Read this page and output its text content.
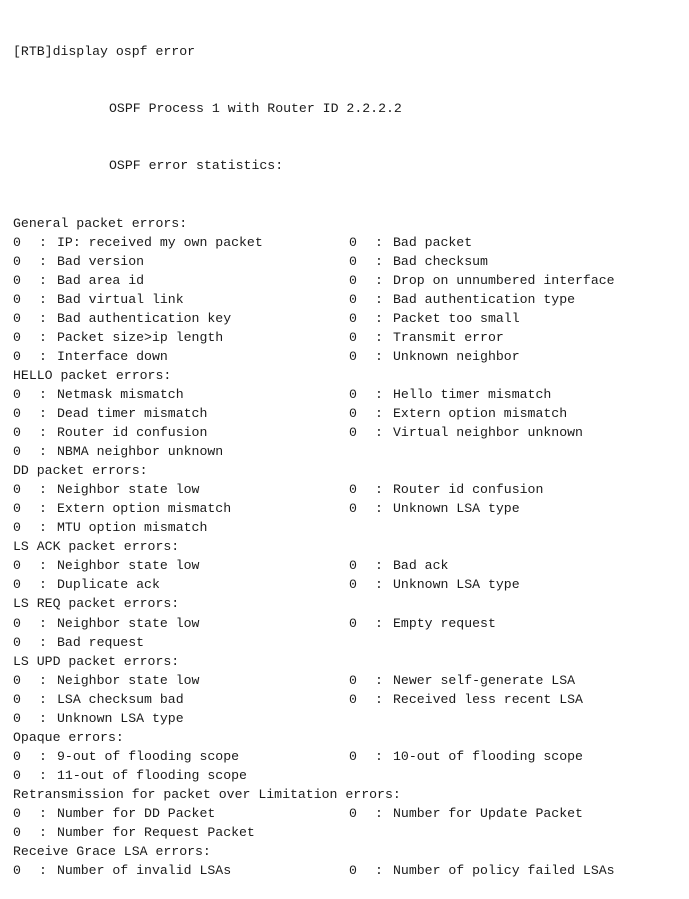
[RTB]display ospf error

OSPF Process 1 with Router ID 2.2.2.2

OSPF error statistics:

General packet errors:
0	: IP: received my own packet	0	: Bad packet
0	: Bad version	0	: Bad checksum
0	: Bad area id	0	: Drop on unnumbered interface
0	: Bad virtual link	0	: Bad authentication type
0	: Bad authentication key	0	: Packet too small
0	: Packet size>ip length	0	: Transmit error
0	: Interface down	0	: Unknown neighbor
HELLO packet errors:
0	: Netmask mismatch	0	: Hello timer mismatch
0	: Dead timer mismatch	0	: Extern option mismatch
0	: Router id confusion	0	: Virtual neighbor unknown
0	: NBMA neighbor unknown
DD packet errors:
0	: Neighbor state low	0	: Router id confusion
0	: Extern option mismatch	0	: Unknown LSA type
0	: MTU option mismatch
LS ACK packet errors:
0	: Neighbor state low	0	: Bad ack
0	: Duplicate ack	0	: Unknown LSA type
LS REQ packet errors:
0	: Neighbor state low	0	: Empty request
0	: Bad request
LS UPD packet errors:
0	: Neighbor state low	0	: Newer self-generate LSA
0	: LSA checksum bad	0	: Received less recent LSA
0	: Unknown LSA type
Opaque errors:
0	: 9-out of flooding scope	0	: 10-out of flooding scope
0	: 11-out of flooding scope
Retransmission for packet over Limitation errors:
0	: Number for DD Packet	0	: Number for Update Packet
0	: Number for Request Packet
Receive Grace LSA errors:
0	: Number of invalid LSAs	0	: Number of policy failed LSAs
